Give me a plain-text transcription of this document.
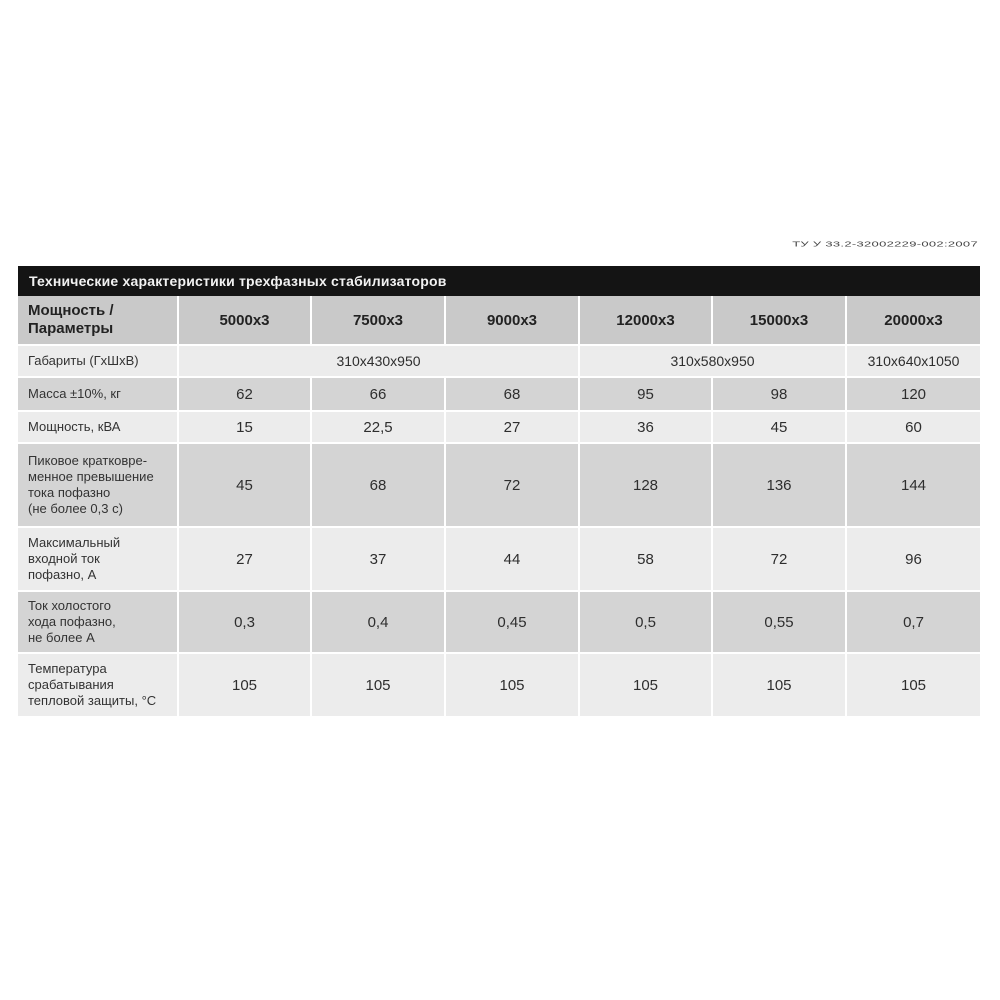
ТУ У 33.2-32002229-002:2007
Технические характеристики трехфазных стабилизаторов
Мощность /
Параметры	5000x3	7500x3	9000x3	12000x3	15000x3	20000x3
Габариты (ГхШхВ)	310x430x950			310x580x950		310x640x1050
Масса ±10%, кг	62	66	68	95	98	120
Мощность, кВА	15	22,5	27	36	45	60
Пиковое кратковре-
менное превышение
тока пофазно
(не более 0,3 с)	45	68	72	128	136	144
Максимальный
входной ток
пофазно, А	27	37	44	58	72	96
Ток холостого
хода пофазно,
не более А	0,3	0,4	0,45	0,5	0,55	0,7
Температура
срабатывания
тепловой защиты, °C	105	105	105	105	105	105
